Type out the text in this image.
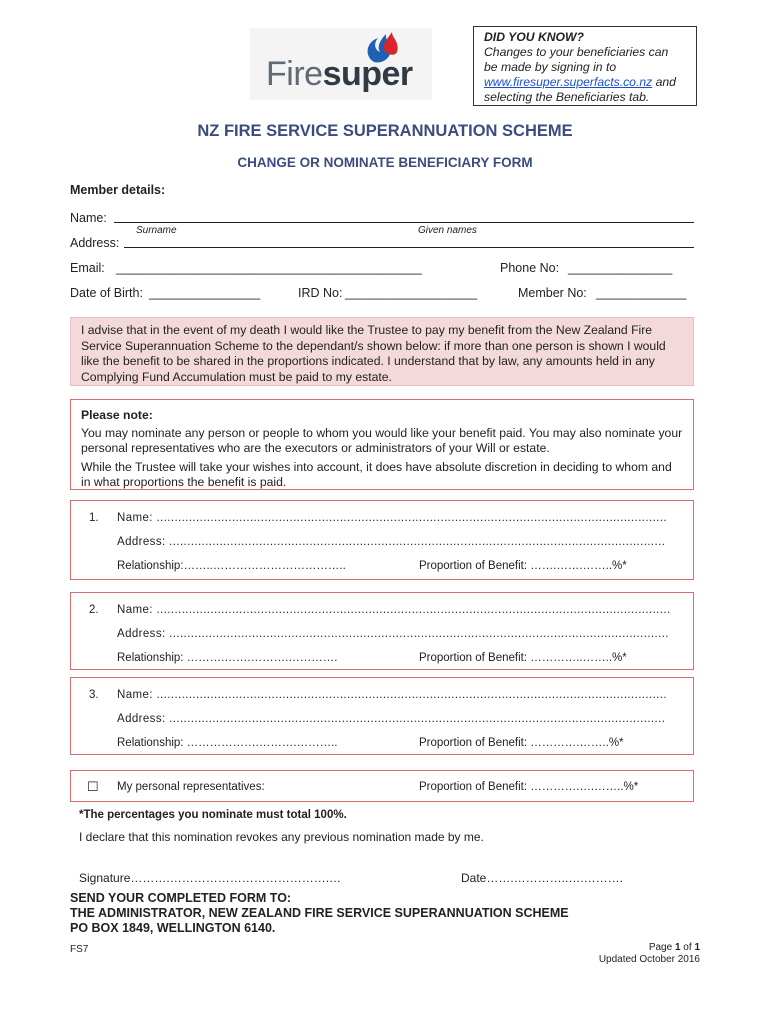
Firesuper
DID YOU KNOW?
Changes to your beneficiaries can
be made by signing in to
www.firesuper.superfacts.co.nz and
selecting the Beneficiaries tab.
NZ FIRE SERVICE SUPERANNUATION SCHEME
CHANGE OR NOMINATE BENEFICIARY FORM
Member details:
Name:
Surname	Given names
Address:
Email: ____________________________________________	Phone No: _______________
Date of Birth: ________________	IRD No: ___________________	Member No: _____________
I advise that in the event of my death I would like the Trustee to pay my benefit from the New Zealand Fire Service Superannuation Scheme to the dependant/s shown below: if more than one person is shown I would like the benefit to be shared in the proportions indicated. I understand that by law, any amounts held in any Complying Fund Accumulation must be paid to my estate.
Please note:
You may nominate any person or people to whom you would like your benefit paid. You may also nominate your personal representatives who are the executors or administrators of your Will or estate.
While the Trustee will take your wishes into account, it does have absolute discretion in deciding to whom and in what proportions the benefit is paid.
1. Name: ..............................................................................................................................................
Address: ..........................................................................................................................................
Relationship:……..……………………………..	Proportion of Benefit: …….…….……..%*
2. Name: ...............................................................................................................................................
Address: ...........................................................................................................................................
Relationship: ……….…….……….………….	Proportion of Benefit: …………..……..%*
3. Name: ..............................................................................................................................................
Address: ..........................................................................................................................................
Relationship: ……………….……….………..	Proportion of Benefit: ………….……..%*
☐ My personal representatives:	Proportion of Benefit: ………….….……..%*
*The percentages you nominate must total 100%.
I declare that this nomination revokes any previous nomination made by me.
Signature……….………………………………….…	Date…….…………..….……….
SEND YOUR COMPLETED FORM TO:
THE ADMINISTRATOR, NEW ZEALAND FIRE SERVICE SUPERANNUATION SCHEME
PO BOX 1849, WELLINGTON 6140.
FS7	Page 1 of 1
Updated October 2016
